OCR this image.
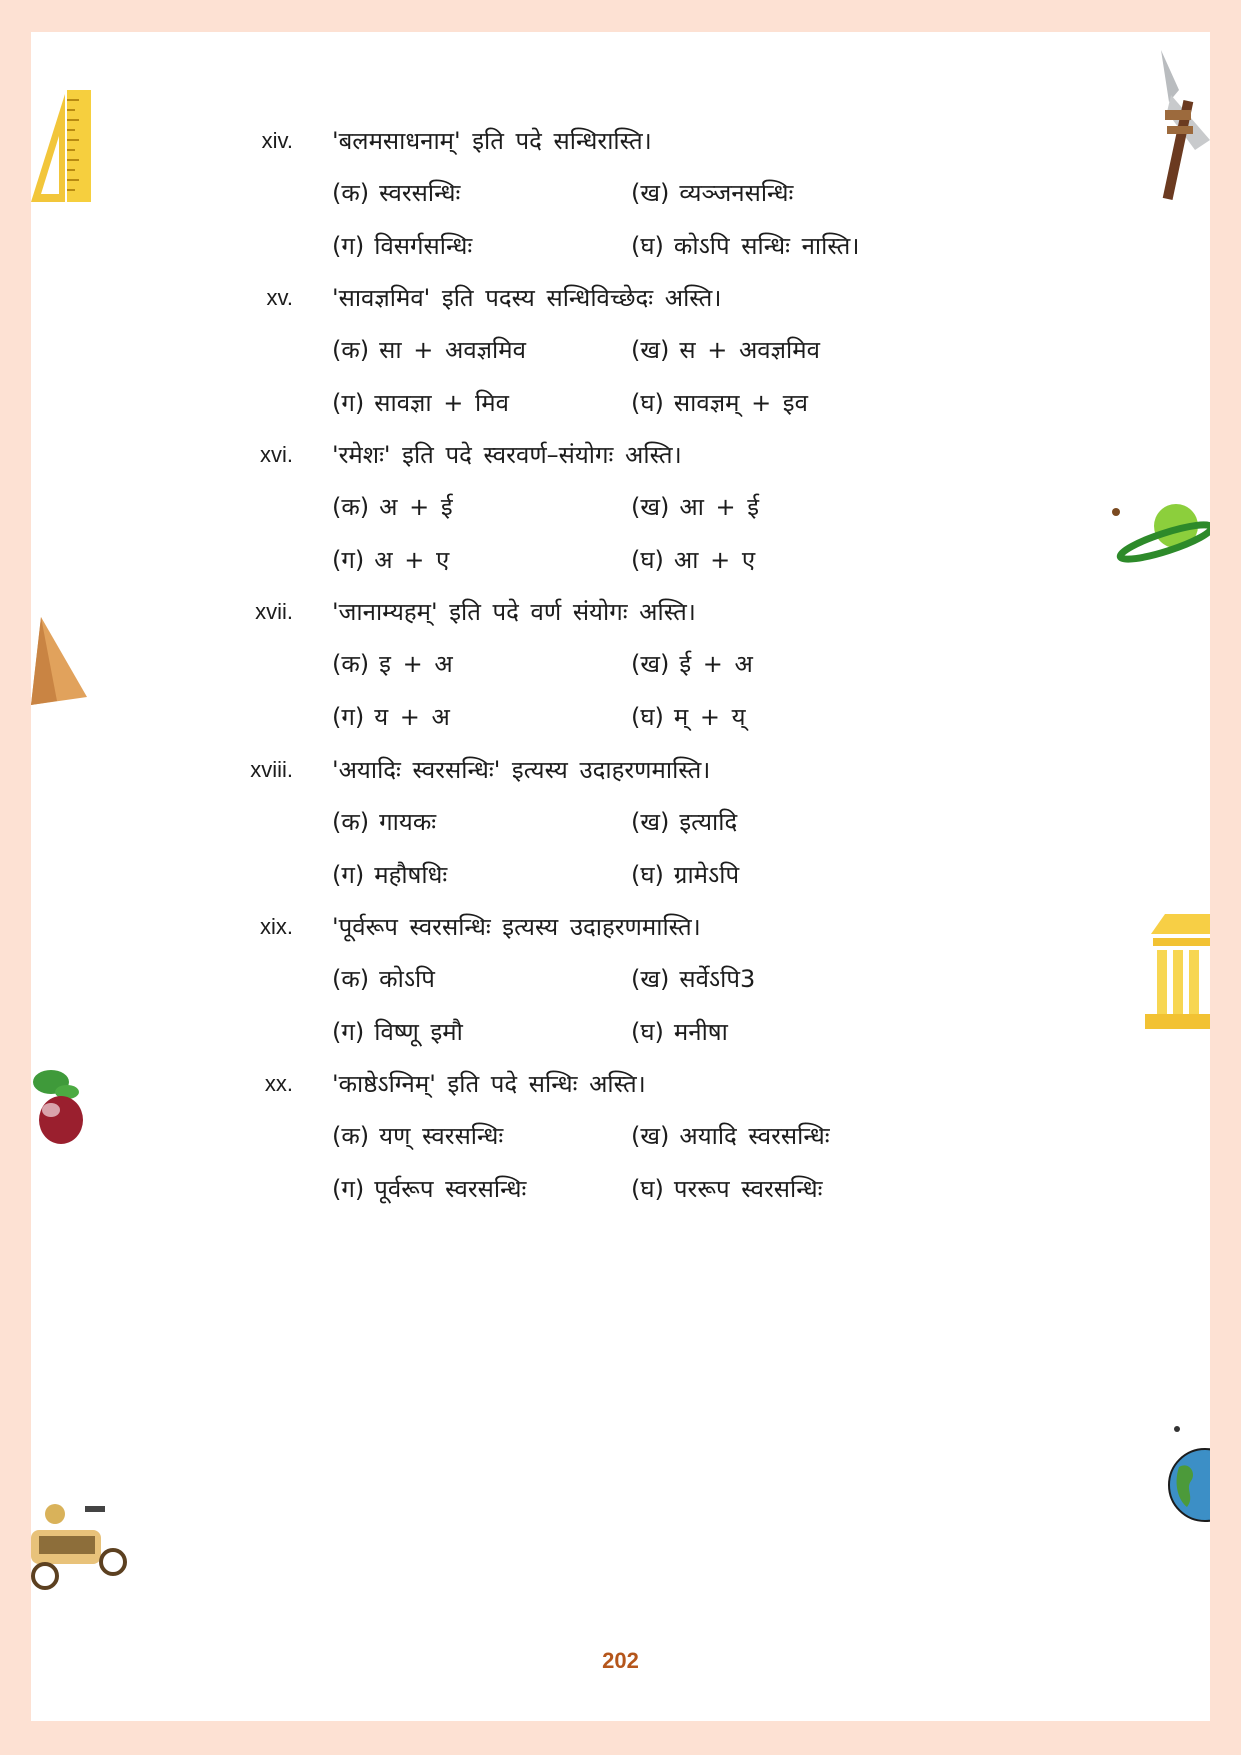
xiv. 'बलमसाधनाम्' इति पदे सन्धिरास्ति।
(क) स्वरसन्धिः	(ख) व्यञ्जनसन्धिः
(ग) विसर्गसन्धिः	(घ) कोऽपि सन्धिः नास्ति।
xv. 'सावज्ञमिव' इति पदस्य सन्धिविच्छेदः अस्ति।
(क) सा + अवज्ञमिव	(ख) स + अवज्ञमिव
(ग) सावज्ञा + मिव	(घ) सावज्ञम् + इव
xvi. 'रमेशः' इति पदे स्वरवर्ण–संयोगः अस्ति।
(क) अ + ई	(ख) आ + ई
(ग) अ + ए	(घ) आ + ए
xvii. 'जानाम्यहम्' इति पदे वर्ण संयोगः अस्ति।
(क) इ + अ	(ख) ई + अ
(ग) य + अ	(घ) म् + य्
xviii. 'अयादिः स्वरसन्धिः' इत्यस्य उदाहरणमास्ति।
(क) गायकः	(ख) इत्यादि
(ग) महौषधिः	(घ) ग्रामेऽपि
xix. 'पूर्वरूप स्वरसन्धिः इत्यस्य उदाहरणमास्ति।
(क) कोऽपि	(ख) सर्वेऽपि3
(ग) विष्णू इमौ	(घ) मनीषा
xx. 'काष्ठेऽग्निम्' इति पदे सन्धिः अस्ति।
(क) यण् स्वरसन्धिः	(ख) अयादि स्वरसन्धिः
(ग) पूर्वरूप स्वरसन्धिः	(घ) पररूप स्वरसन्धिः
202
